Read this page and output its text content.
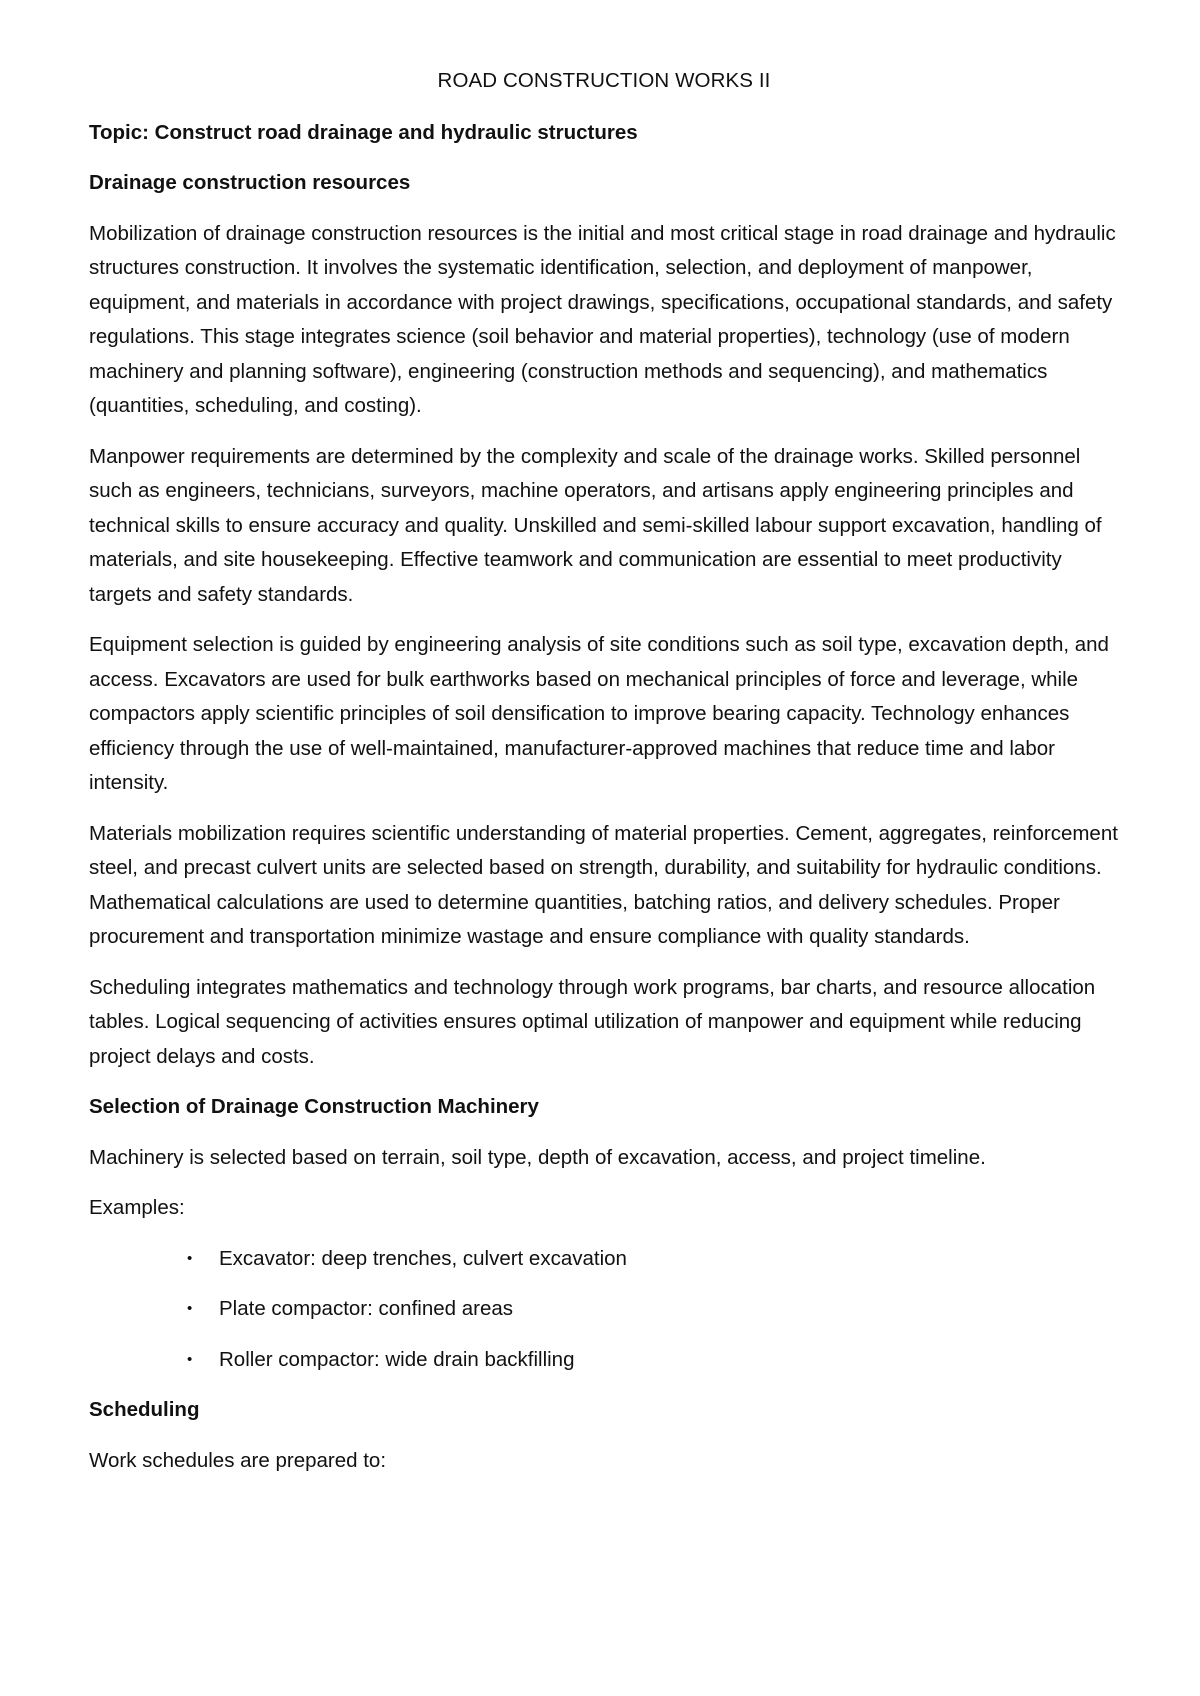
ROAD CONSTRUCTION WORKS II
Topic: Construct road drainage and hydraulic structures
Drainage construction resources

Mobilization of drainage construction resources is the initial and most critical stage in road drainage and hydraulic structures construction. It involves the systematic identification, selection, and deployment of manpower, equipment, and materials in accordance with project drawings, specifications, occupational standards, and safety regulations. This stage integrates science (soil behavior and material properties), technology (use of modern machinery and planning software), engineering (construction methods and sequencing), and mathematics (quantities, scheduling, and costing).

Manpower requirements are determined by the complexity and scale of the drainage works. Skilled personnel such as engineers, technicians, surveyors, machine operators, and artisans apply engineering principles and technical skills to ensure accuracy and quality. Unskilled and semi-skilled labour support excavation, handling of materials, and site housekeeping. Effective teamwork and communication are essential to meet productivity targets and safety standards.

Equipment selection is guided by engineering analysis of site conditions such as soil type, excavation depth, and access. Excavators are used for bulk earthworks based on mechanical principles of force and leverage, while compactors apply scientific principles of soil densification to improve bearing capacity. Technology enhances efficiency through the use of well-maintained, manufacturer-approved machines that reduce time and labor intensity.

Materials mobilization requires scientific understanding of material properties. Cement, aggregates, reinforcement steel, and precast culvert units are selected based on strength, durability, and suitability for hydraulic conditions. Mathematical calculations are used to determine quantities, batching ratios, and delivery schedules. Proper procurement and transportation minimize wastage and ensure compliance with quality standards.

Scheduling integrates mathematics and technology through work programs, bar charts, and resource allocation tables. Logical sequencing of activities ensures optimal utilization of manpower and equipment while reducing project delays and costs.

Selection of Drainage Construction Machinery

Machinery is selected based on terrain, soil type, depth of excavation, access, and project timeline.

Examples:

• Excavator: deep trenches, culvert excavation
• Plate compactor: confined areas
• Roller compactor: wide drain backfilling
Scheduling

Work schedules are prepared to:
